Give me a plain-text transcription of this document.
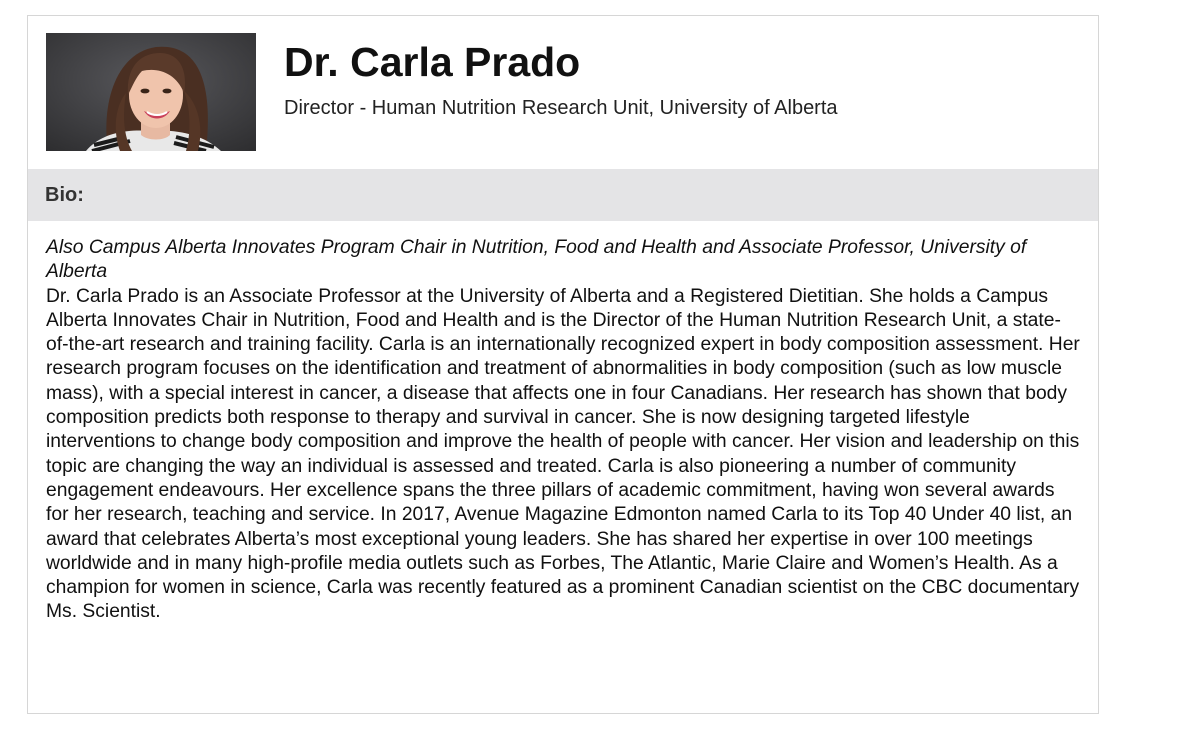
Dr. Carla Prado

Director - Human Nutrition Research Unit, University of Alberta

Bio:

Also Campus Alberta Innovates Program Chair in Nutrition, Food and Health and Associate Professor, University of Alberta

Dr. Carla Prado is an Associate Professor at the University of Alberta and a Registered Dietitian. She holds a Campus Alberta Innovates Chair in Nutrition, Food and Health and is the Director of the Human Nutrition Research Unit, a state-of-the-art research and training facility. Carla is an internationally recognized expert in body composition assessment. Her research program focuses on the identification and treatment of abnormalities in body composition (such as low muscle mass), with a special interest in cancer, a disease that affects one in four Canadians. Her research has shown that body composition predicts both response to therapy and survival in cancer. She is now designing targeted lifestyle interventions to change body composition and improve the health of people with cancer. Her vision and leadership on this topic are changing the way an individual is assessed and treated. Carla is also pioneering a number of community engagement endeavours. Her excellence spans the three pillars of academic commitment, having won several awards for her research, teaching and service. In 2017, Avenue Magazine Edmonton named Carla to its Top 40 Under 40 list, an award that celebrates Alberta’s most exceptional young leaders. She has shared her expertise in over 100 meetings worldwide and in many high-profile media outlets such as Forbes, The Atlantic, Marie Claire and Women’s Health. As a champion for women in science, Carla was recently featured as a prominent Canadian scientist on the CBC documentary Ms. Scientist.
